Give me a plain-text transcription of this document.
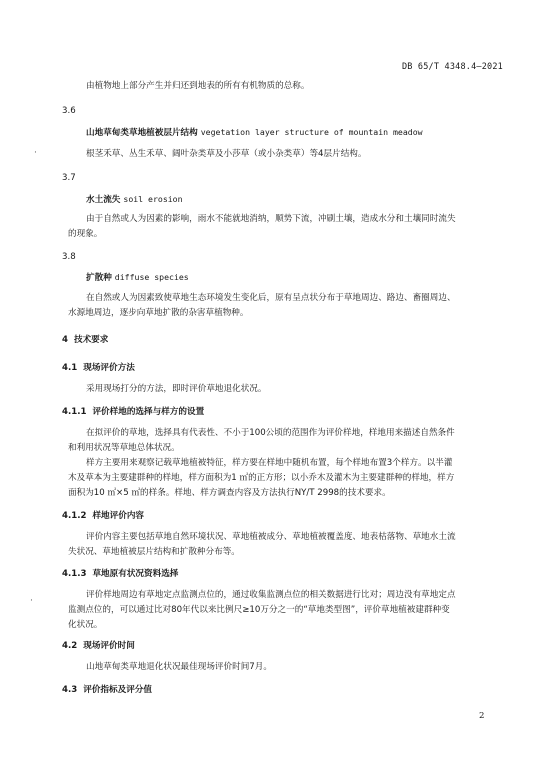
DB 65/T 4348.4—2021
由植物地上部分产生并归还到地表的所有有机物质的总称。
3.6
山地草甸类草地植被层片结构 vegetation layer structure of mountain meadow
根茎禾草、丛生禾草、阔叶杂类草及小莎草（或小杂类草）等4层片结构。
3.7
水土流失 soil erosion
由于自然或人为因素的影响，雨水不能就地消纳，顺势下流，冲刷土壤，造成水分和土壤同时流失
的现象。
3.8
扩散种 diffuse species
在自然或人为因素致使草地生态环境发生变化后，原有呈点状分布于草地周边、路边、畜圈周边、
水源地周边，逐步向草地扩散的杂害草植物种。
4 技术要求
4.1 现场评价方法
采用现场打分的方法，即时评价草地退化状况。
4.1.1 评价样地的选择与样方的设置
在拟评价的草地，选择具有代表性、不小于100公顷的范围作为评价样地，样地用来描述自然条件
和利用状况等草地总体状况。
样方主要用来观察记载草地植被特征，样方要在样地中随机布置，每个样地布置3个样方。以半灌
木及草本为主要建群种的样地，样方面积为1 ㎡的正方形；以小乔木及灌木为主要建群种的样地，样方
面积为10 ㎡×5 ㎡的样条。样地、样方调查内容及方法执行NY/T 2998的技术要求。
4.1.2 样地评价内容
评价内容主要包括草地自然环境状况、草地植被成分、草地植被覆盖度、地表枯落物、草地水土流
失状况、草地植被层片结构和扩散种分布等。
4.1.3 草地原有状况资料选择
评价样地周边有草地定点监测点位的，通过收集监测点位的相关数据进行比对；周边没有草地定点
监测点位的，可以通过比对80年代以来比例尺≥10万分之一的“草地类型图”，评价草地植被建群种变
化状况。
4.2 现场评价时间
山地草甸类草地退化状况最佳现场评价时间7月。
4.3 评价指标及评分值
2
·
·
